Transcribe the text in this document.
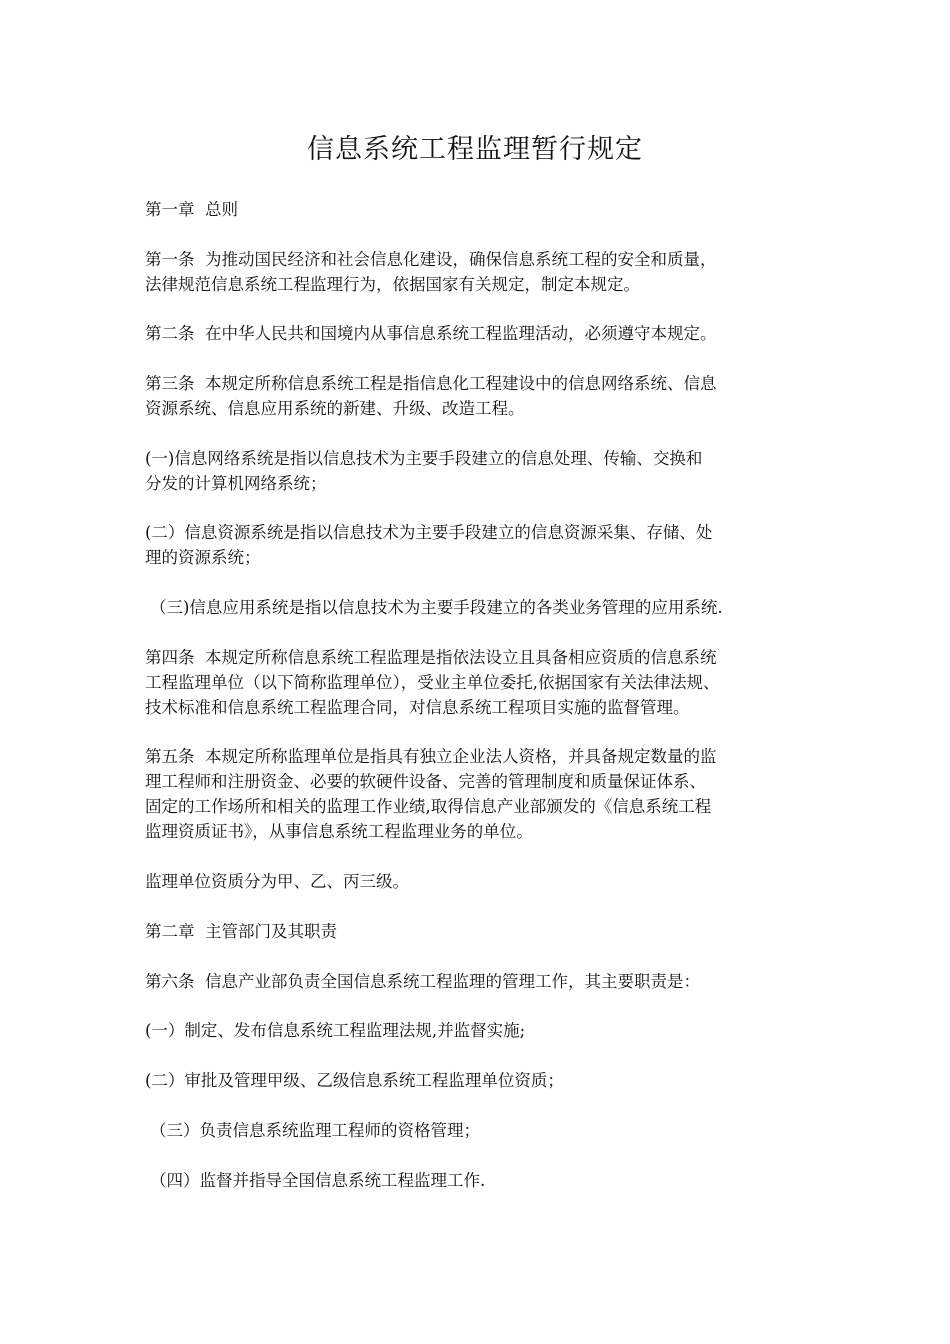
信息系统工程监理暂行规定

第一章  总则

第一条  为推动国民经济和社会信息化建设，确保信息系统工程的安全和质量，
法律规范信息系统工程监理行为，依据国家有关规定，制定本规定。

第二条  在中华人民共和国境内从事信息系统工程监理活动，必须遵守本规定。

第三条  本规定所称信息系统工程是指信息化工程建设中的信息网络系统、信息
资源系统、信息应用系统的新建、升级、改造工程。

(一)信息网络系统是指以信息技术为主要手段建立的信息处理、传输、交换和
分发的计算机网络系统；

(二）信息资源系统是指以信息技术为主要手段建立的信息资源采集、存储、处
理的资源系统；

（三)信息应用系统是指以信息技术为主要手段建立的各类业务管理的应用系统.

第四条  本规定所称信息系统工程监理是指依法设立且具备相应资质的信息系统
工程监理单位（以下简称监理单位），受业主单位委托,依据国家有关法律法规、
技术标准和信息系统工程监理合同，对信息系统工程项目实施的监督管理。

第五条  本规定所称监理单位是指具有独立企业法人资格，并具备规定数量的监
理工程师和注册资金、必要的软硬件设备、完善的管理制度和质量保证体系、
固定的工作场所和相关的监理工作业绩,取得信息产业部颁发的《信息系统工程
监理资质证书》，从事信息系统工程监理业务的单位。

监理单位资质分为甲、乙、丙三级。

第二章  主管部门及其职责

第六条  信息产业部负责全国信息系统工程监理的管理工作，其主要职责是：

(一）制定、发布信息系统工程监理法规,并监督实施;

(二）审批及管理甲级、乙级信息系统工程监理单位资质；

（三）负责信息系统监理工程师的资格管理；

（四）监督并指导全国信息系统工程监理工作.
